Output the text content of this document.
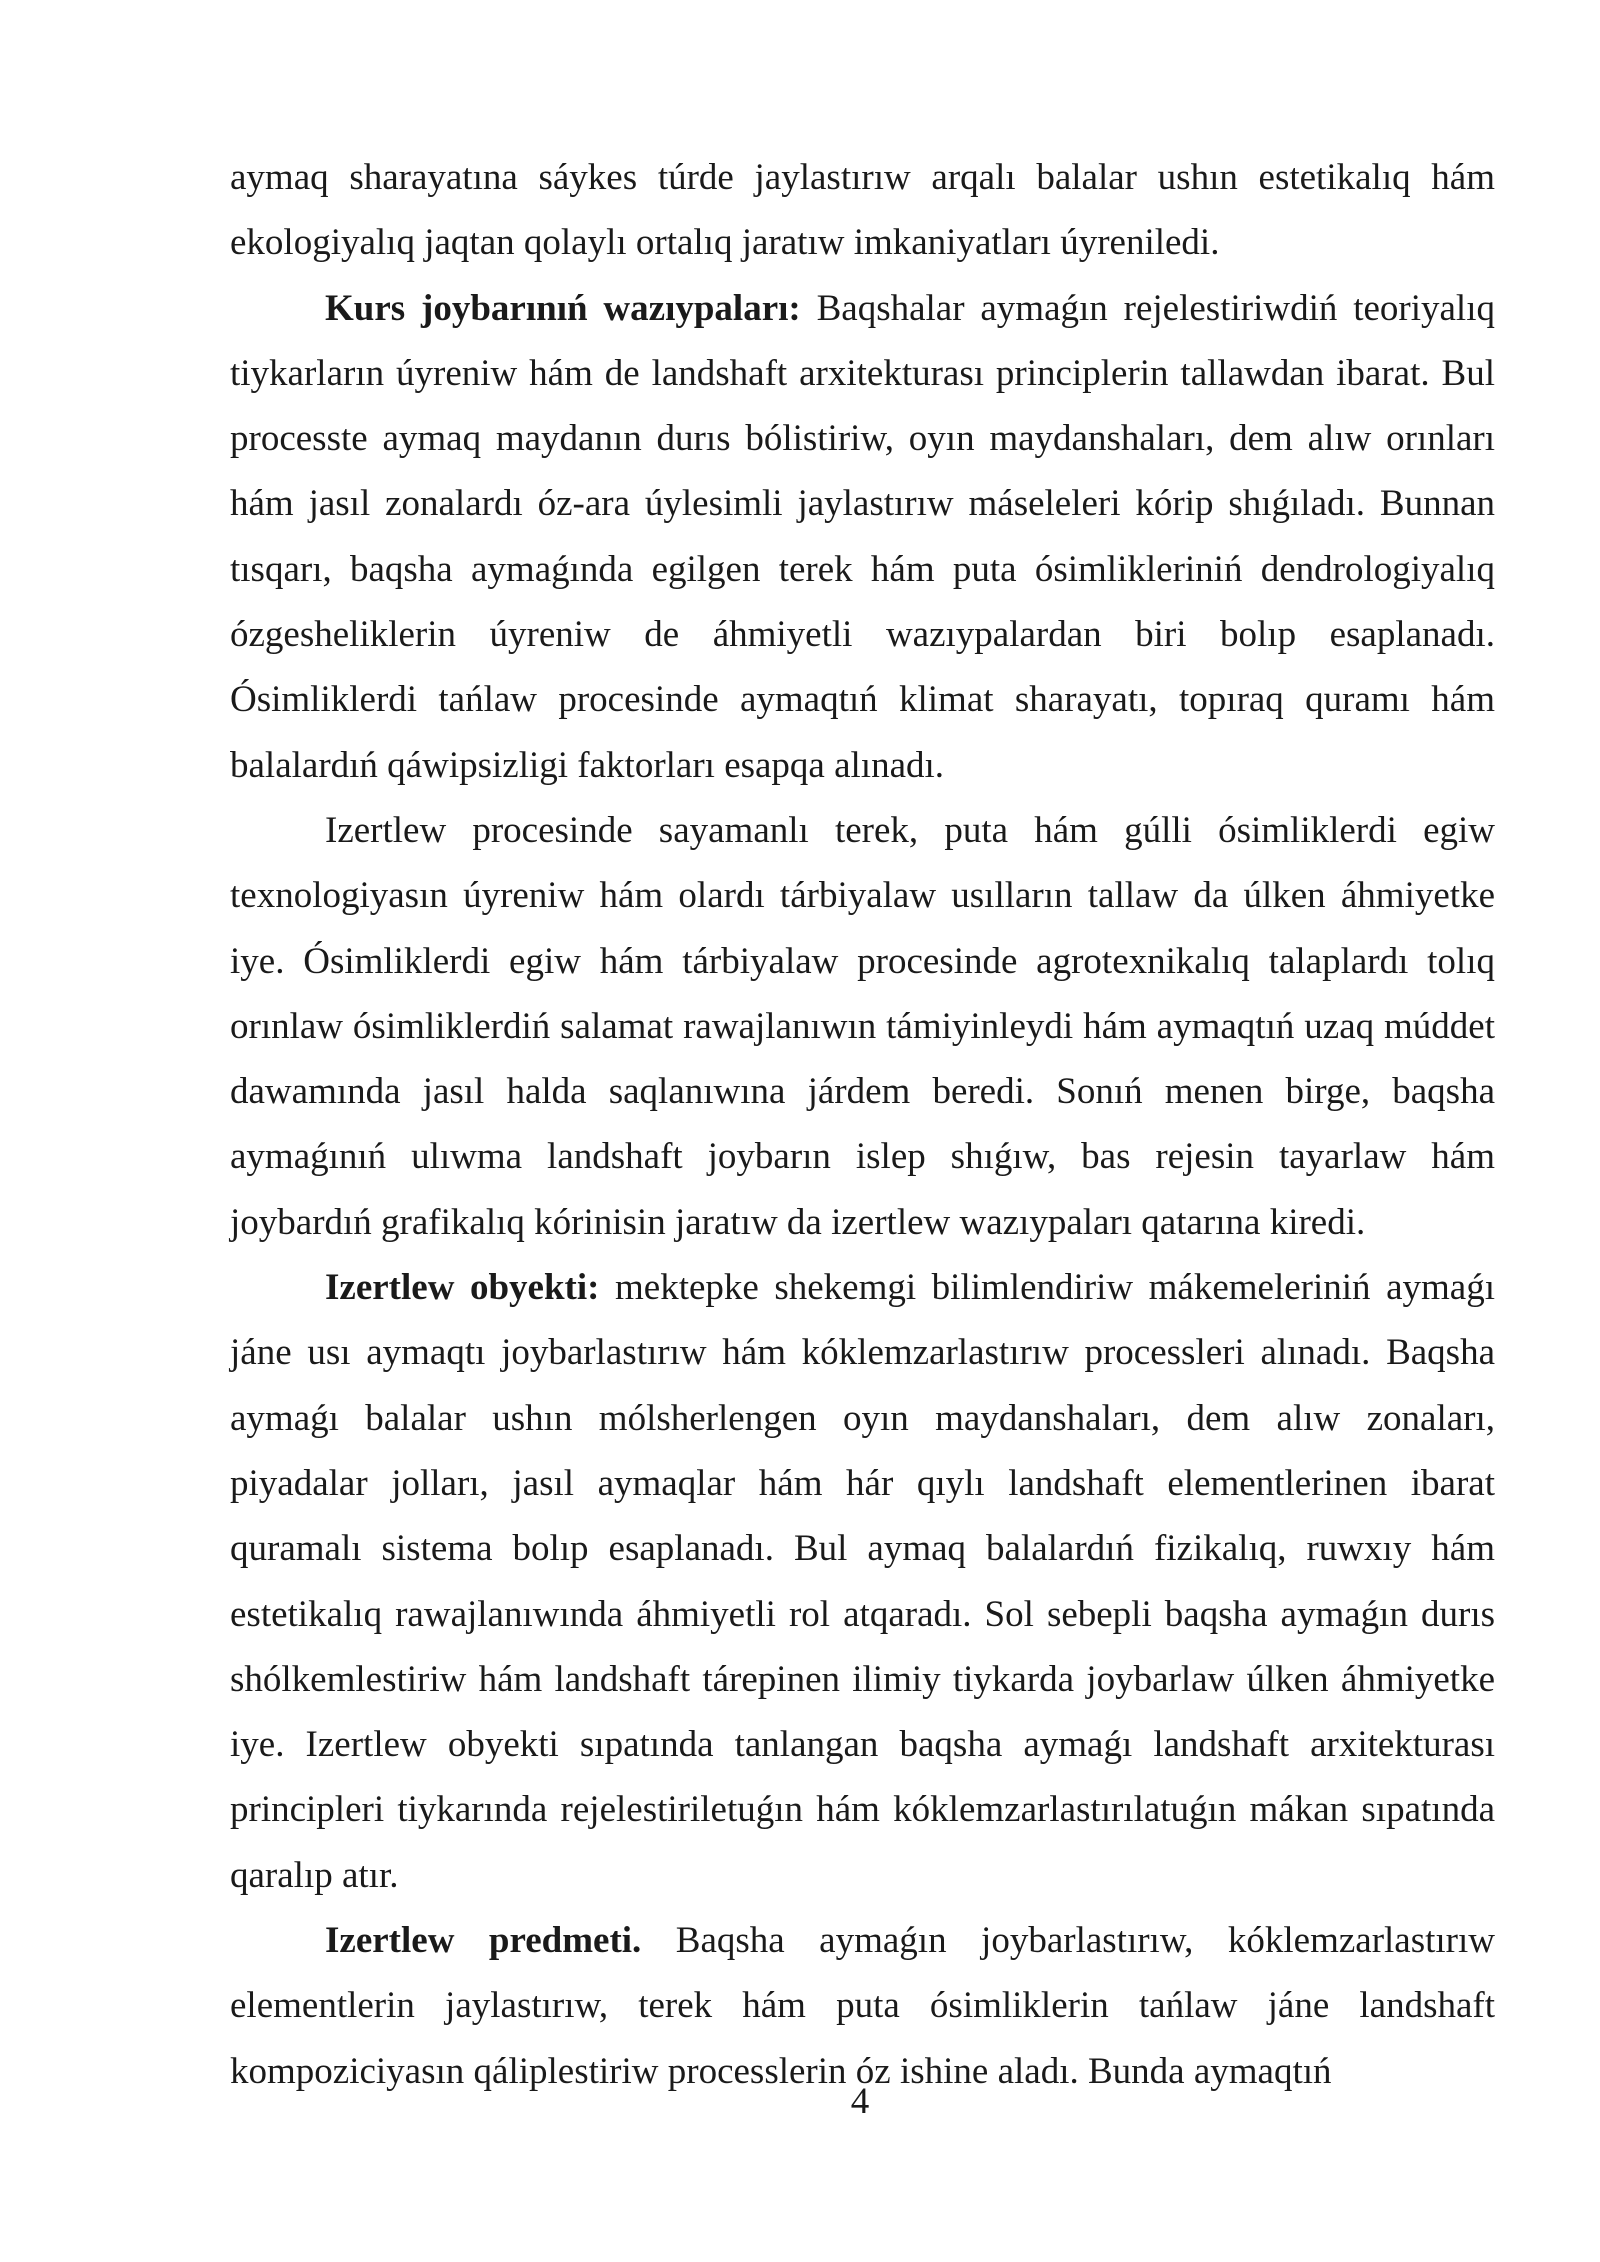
aymaq sharayatına sáykes túrde jaylastırıw arqalı balalar ushın estetikalıq hám ekologiyalıq jaqtan qolaylı ortalıq jaratıw imkaniyatları úyreniledi.

Kurs joybarınıń wazıypaları: Baqshalar aymaǵın rejelestiriwdiń teoriyalıq tiykarların úyreniw hám de landshaft arxitekturası principlerin tallawdan ibarat. Bul processte aymaq maydanın durıs bólistiriw, oyın maydanshaları, dem alıw orınları hám jasıl zonalardı óz-ara úylesimli jaylastırıw máseleleri kórip shıǵıladı. Bunnan tısqarı, baqsha aymaǵında egilgen terek hám puta ósimlikleriniń dendrologiyalıq ózgesheliklerin úyreniw de áhmiyetli wazıypalardan biri bolıp esaplanadı. Ósimliklerdi tańlaw procesinde aymaqtıń klimat sharayatı, topıraq quramı hám balalardıń qáwipsizligi faktorları esapqa alınadı.

Izertlew procesinde sayamanlı terek, puta hám gúlli ósimliklerdi egiw texnologiyasın úyreniw hám olardı tárbiyalaw usılların tallaw da úlken áhmiyetke iye. Ósimliklerdi egiw hám tárbiyalaw procesinde agrotexnikalıq talaplardı tolıq orınlaw ósimliklerdiń salamat rawajlanıwın támiyinleydi hám aymaqtıń uzaq múddet dawamında jasıl halda saqlanıwına járdem beredi. Sonıń menen birge, baqsha aymaǵınıń ulıwma landshaft joybarın islep shıǵıw, bas rejesin tayarlaw hám joybardıń grafikalıq kórinisin jaratıw da izertlew wazıypaları qatarına kiredi.

Izertlew obyekti: mektepke shekemgi bilimlendiriw mákemeleriniń aymaǵı jáne usı aymaqtı joybarlastırıw hám kóklemzarlastırıw processleri alınadı. Baqsha aymaǵı balalar ushın mólsherlengen oyın maydanshaları, dem alıw zonaları, piyadalar jolları, jasıl aymaqlar hám hár qıylı landshaft elementlerinen ibarat quramalı sistema bolıp esaplanadı. Bul aymaq balalardıń fizikalıq, ruwxıy hám estetikalıq rawajlanıwında áhmiyetli rol atqaradı. Sol sebepli baqsha aymaǵın durıs shólkemlestiriw hám landshaft tárepinen ilimiy tiykarda joybarlaw úlken áhmiyetke iye. Izertlew obyekti sıpatında tanlangan baqsha aymaǵı landshaft arxitekturası principleri tiykarında rejelestiriletuǵın hám kóklemzarlastırılatuǵın mákan sıpatında qaralıp atır.

Izertlew predmeti. Baqsha aymaǵın joybarlastırıw, kóklemzarlastırıw elementlerin jaylastırıw, terek hám puta ósimliklerin tańlaw jáne landshaft kompoziciyasın qáliplestiriw processlerin óz ishine aladı. Bunda aymaqtıń

4
